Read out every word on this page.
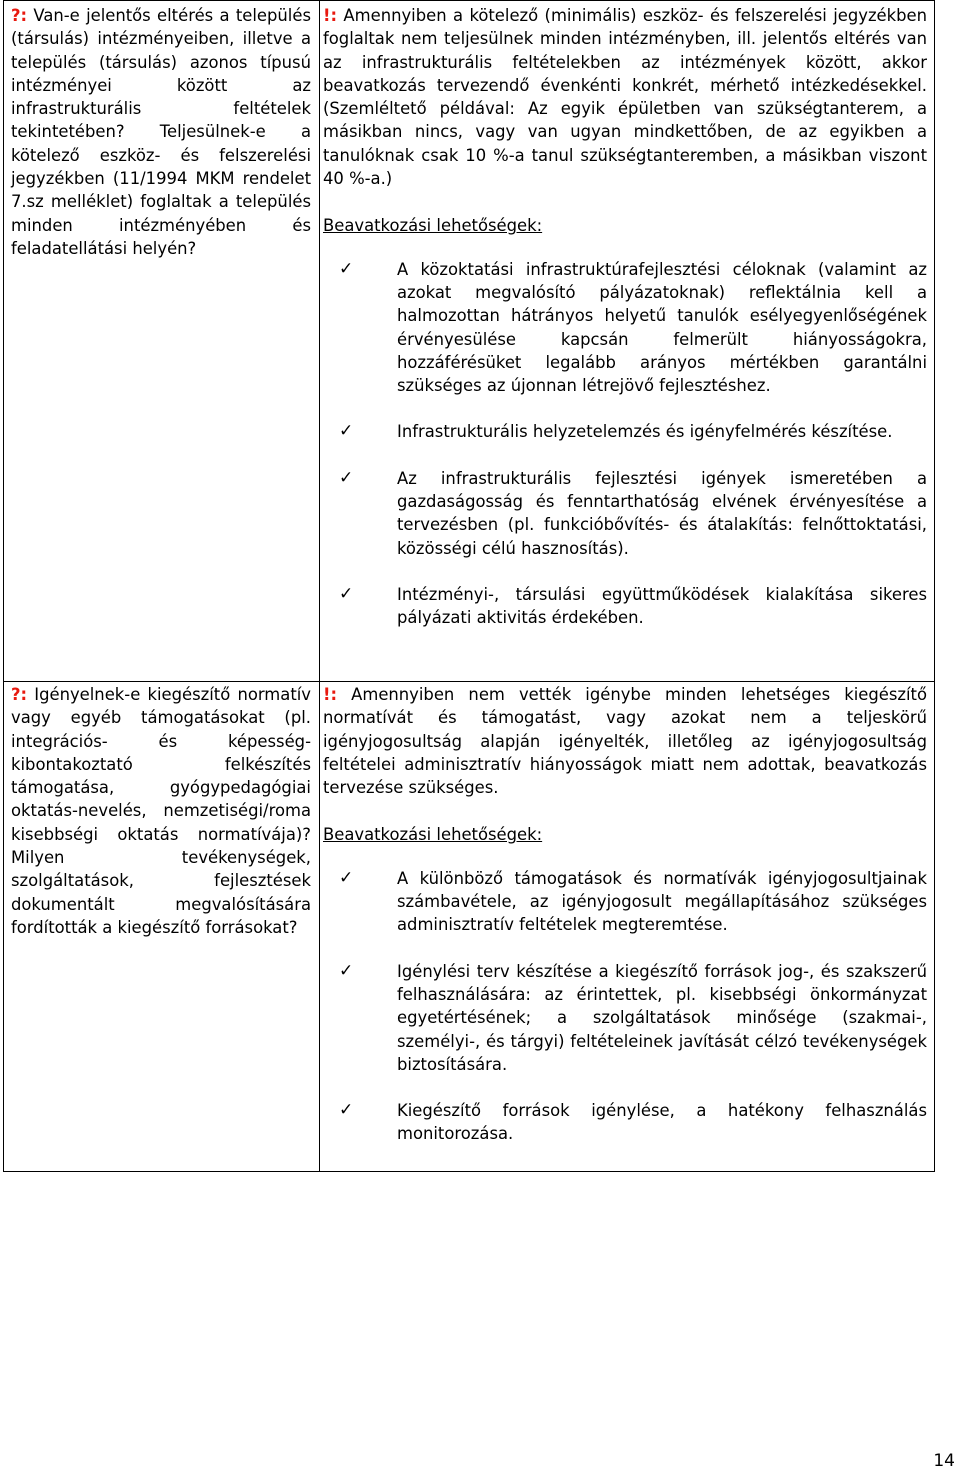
?: Van-e jelentős eltérés a település (társulás) intézményeiben, illetve a település (társulás) azonos típusú intézményei között az infrastrukturális feltételek tekintetében? Teljesülnek-e a kötelező eszköz- és felszerelési jegyzékben (11/1994 MKM rendelet 7.sz melléklet) foglaltak a település minden intézményében és feladatellátási helyén?
!: Amennyiben a kötelező (minimális) eszköz- és felszerelési jegyzékben foglaltak nem teljesülnek minden intézményben, ill. jelentős eltérés van az infrastrukturális feltételekben az intézmények között, akkor beavatkozás tervezendő évenkénti konkrét, mérhető intézkedésekkel. (Szemléltető példával: Az egyik épületben van szükségtanterem, a másikban nincs, vagy van ugyan mindkettőben, de az egyikben a tanulóknak csak 10 %-a tanul szükségtanteremben, a másikban viszont 40 %-a.)
Beavatkozási lehetőségek:
✓	A közoktatási infrastruktúrafejlesztési céloknak (valamint az azokat megvalósító pályázatoknak) reflektálnia kell a halmozottan hátrányos helyetű tanulók esélyegyenlőségének érvényesülése kapcsán felmerült hiányosságokra, hozzáférésüket legalább arányos mértékben garantálni szükséges az újonnan létrejövő fejlesztéshez.
✓	Infrastrukturális helyzetelemzés és igényfelmérés készítése.
✓	Az infrastrukturális fejlesztési igények ismeretében a gazdaságosság és fenntarthatóság elvének érvényesítése a tervezésben (pl. funkcióbővítés- és átalakítás: felnőttoktatási, közösségi célú hasznosítás).
✓	Intézményi-, társulási együttműködések kialakítása sikeres pályázati aktivitás érdekében.
?: Igényelnek-e kiegészítő normatív vagy egyéb támogatásokat (pl. integrációs- és képesség- kibontakoztató felkészítés támogatása, gyógypedagógiai oktatás-nevelés, nemzetiségi/roma kisebbségi oktatás normatívája)? Milyen tevékenységek, szolgáltatások, fejlesztések dokumentált megvalósítására fordították a kiegészítő forrásokat?
!: Amennyiben nem vették igénybe minden lehetséges kiegészítő normatívát és támogatást, vagy azokat nem a teljeskörű igényjogosultság alapján igényelték, illetőleg az igényjogosultság feltételei adminisztratív hiányosságok miatt nem adottak, beavatkozás tervezése szükséges.
Beavatkozási lehetőségek:
✓	A különböző támogatások és normatívák igényjogosultjainak számbavétele, az igényjogosult megállapításához szükséges adminisztratív feltételek megteremtése.
✓	Igénylési terv készítése a kiegészítő források jog-, és szakszerű felhasználására: az érintettek, pl. kisebbségi önkormányzat egyetértésének; a szolgáltatások minősége (szakmai-, személyi-, és tárgyi) feltételeinek javítását célzó tevékenységek biztosítására.
✓	Kiegészítő források igénylése, a hatékony felhasználás monitorozása.
14
